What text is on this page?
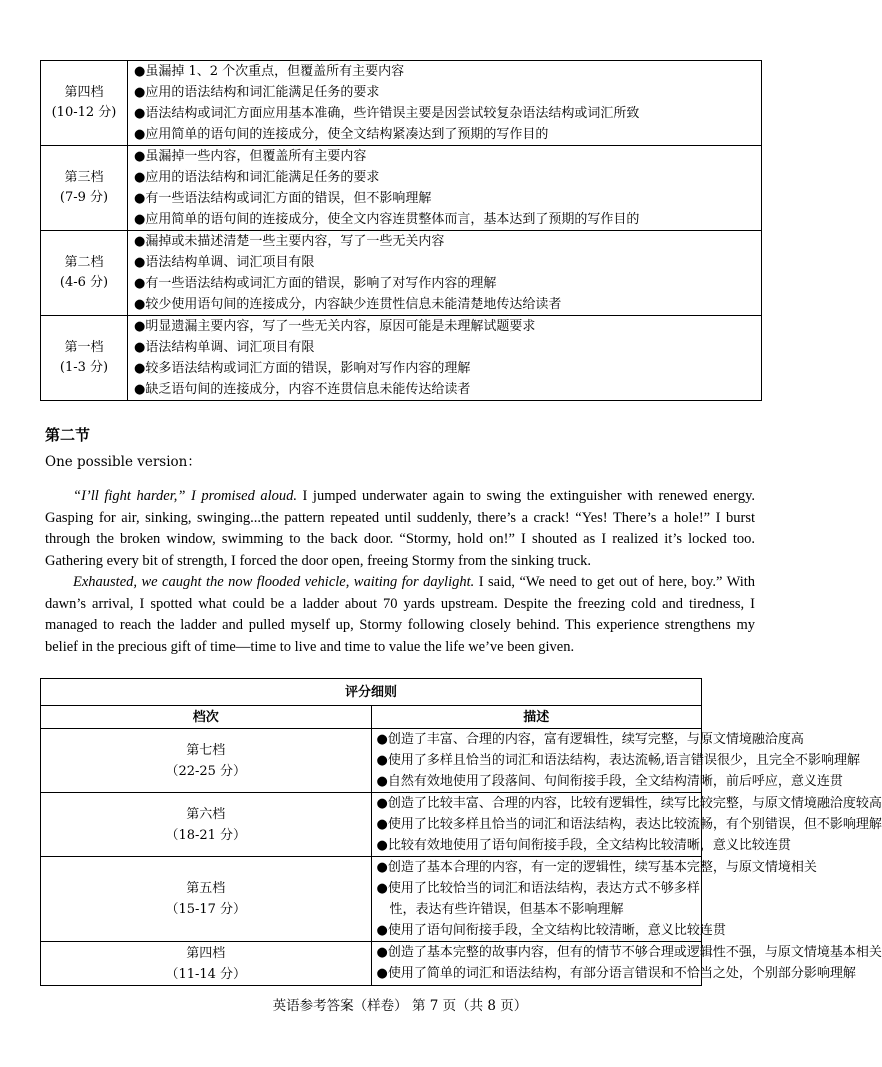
第四档
(10-12 分)	●虽漏掉 1、2 个次重点，但覆盖所有主要内容
●应用的语法结构和词汇能满足任务的要求
●语法结构或词汇方面应用基本准确，些许错误主要是因尝试较复杂语法结构或词汇所致
●应用简单的语句间的连接成分，使全文结构紧凑达到了预期的写作目的

第三档
(7-9 分)	●虽漏掉一些内容，但覆盖所有主要内容
●应用的语法结构和词汇能满足任务的要求
●有一些语法结构或词汇方面的错误，但不影响理解
●应用简单的语句间的连接成分，使全文内容连贯整体而言，基本达到了预期的写作目的

第二档
(4-6 分)	●漏掉或未描述清楚一些主要内容，写了一些无关内容
●语法结构单调、词汇项目有限
●有一些语法结构或词汇方面的错误，影响了对写作内容的理解
●较少使用语句间的连接成分，内容缺少连贯性信息未能清楚地传达给读者

第一档
(1-3 分)	●明显遗漏主要内容，写了一些无关内容，原因可能是未理解试题要求
●语法结构单调、词汇项目有限
●较多语法结构或词汇方面的错误，影响对写作内容的理解
●缺乏语句间的连接成分，内容不连贯信息未能传达给读者
第二节
One possible version：

“I’ll fight harder,” I promised aloud. I jumped underwater again to swing the extinguisher with renewed energy. Gasping for air, sinking, swinging...the pattern repeated until suddenly, there’s a crack! “Yes! There’s a hole!” I burst through the broken window, swimming to the back door. “Stormy, hold on!” I shouted as I realized it’s locked too. Gathering every bit of strength, I forced the door open, freeing Stormy from the sinking truck.

Exhausted, we caught the now flooded vehicle, waiting for daylight. I said, “We need to get out of here, boy.” With dawn’s arrival, I spotted what could be a ladder about 70 yards upstream. Despite the freezing cold and tiredness, I managed to reach the ladder and pulled myself up, Stormy following closely behind. This experience strengthens my belief in the precious gift of time—time to live and time to value the life we’ve been given.

评分细则	
档次	描述

第七档
（22-25 分）	●创造了丰富、合理的内容，富有逻辑性，续写完整，与原文情境融洽度高
●使用了多样且恰当的词汇和语法结构，表达流畅,语言错误很少，且完全不影响理解
●自然有效地使用了段落间、句间衔接手段，全文结构清晰，前后呼应，意义连贯

第六档
（18-21 分）	●创造了比较丰富、合理的内容，比较有逻辑性，续写比较完整，与原文情境融洽度较高
●使用了比较多样且恰当的词汇和语法结构，表达比较流畅，有个别错误，但不影响理解
●比较有效地使用了语句间衔接手段，全文结构比较清晰，意义比较连贯

第五档
（15-17 分）	●创造了基本合理的内容，有一定的逻辑性，续写基本完整，与原文情境相关
●使用了比较恰当的词汇和语法结构，表达方式不够多样性，表达有些许错误，但基本不影响理解
●使用了语句间衔接手段，全文结构比较清晰，意义比较连贯

第四档
（11-14 分）	●创造了基本完整的故事内容，但有的情节不够合理或逻辑性不强，与原文情境基本相关
●使用了简单的词汇和语法结构，有部分语言错误和不恰当之处，个别部分影响理解
英语参考答案（样卷） 第 7 页（共 8 页）
